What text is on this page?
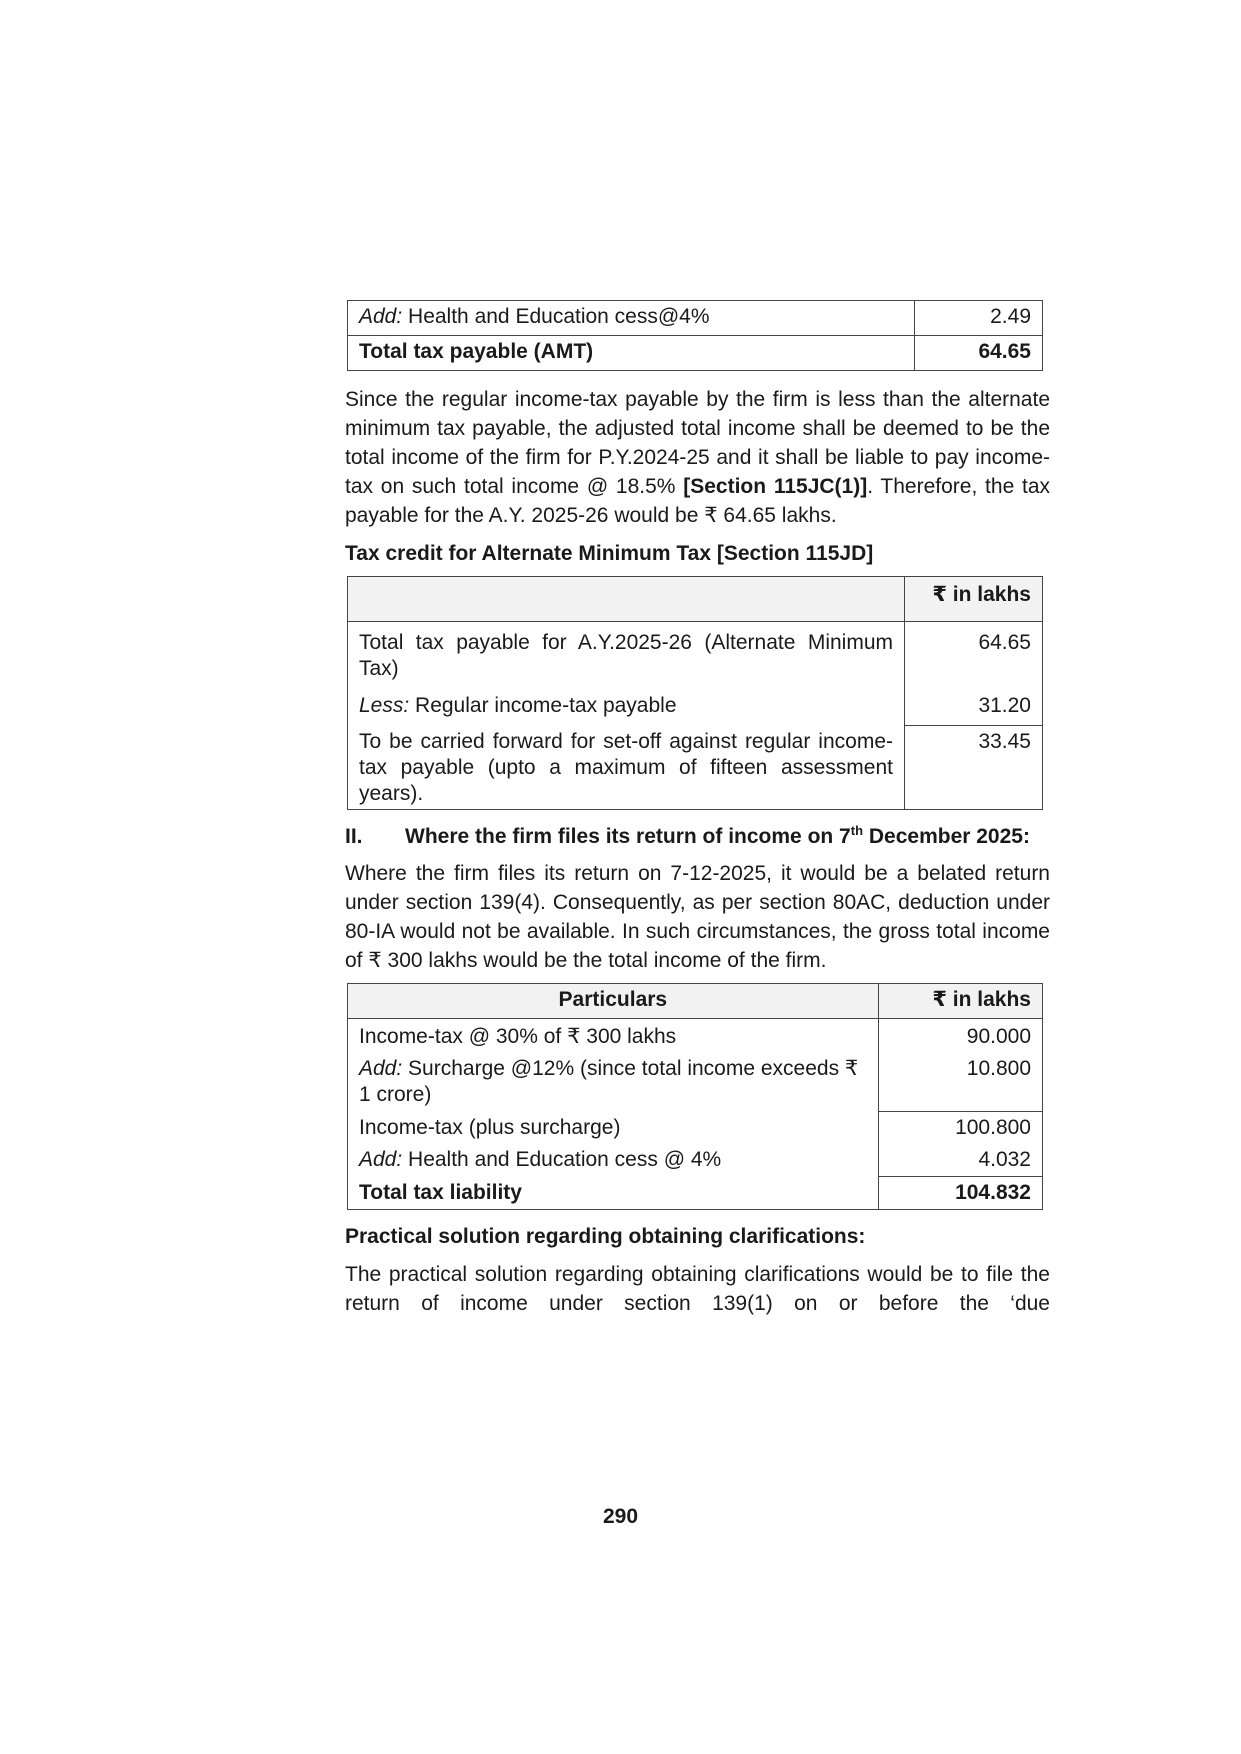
Add: Health and Education cess@4%	2.49
Total tax payable (AMT)	64.65

Since the regular income-tax payable by the firm is less than the alternate minimum tax payable, the adjusted total income shall be deemed to be the total income of the firm for P.Y.2024-25 and it shall be liable to pay income-tax on such total income @ 18.5% [Section 115JC(1)]. Therefore, the tax payable for the A.Y. 2025-26 would be ₹ 64.65 lakhs.

Tax credit for Alternate Minimum Tax [Section 115JD]

	₹ in lakhs
Total tax payable for A.Y.2025-26 (Alternate Minimum Tax)	64.65
Less: Regular income-tax payable	31.20
To be carried forward for set-off against regular income-tax payable (upto a maximum of fifteen assessment years).	33.45
II.	Where the firm files its return of income on 7th December 2025:

Where the firm files its return on 7-12-2025, it would be a belated return under section 139(4). Consequently, as per section 80AC, deduction under 80-IA would not be available. In such circumstances, the gross total income of ₹ 300 lakhs would be the total income of the firm.

Particulars	₹ in lakhs
Income-tax @ 30% of ₹ 300 lakhs	90.000
Add: Surcharge @12% (since total income exceeds ₹ 1 crore)	10.800
Income-tax (plus surcharge)	100.800
Add: Health and Education cess @ 4%	4.032
Total tax liability	104.832

Practical solution regarding obtaining clarifications:

The practical solution regarding obtaining clarifications would be to file the return of income under section 139(1) on or before the ‘due

290
